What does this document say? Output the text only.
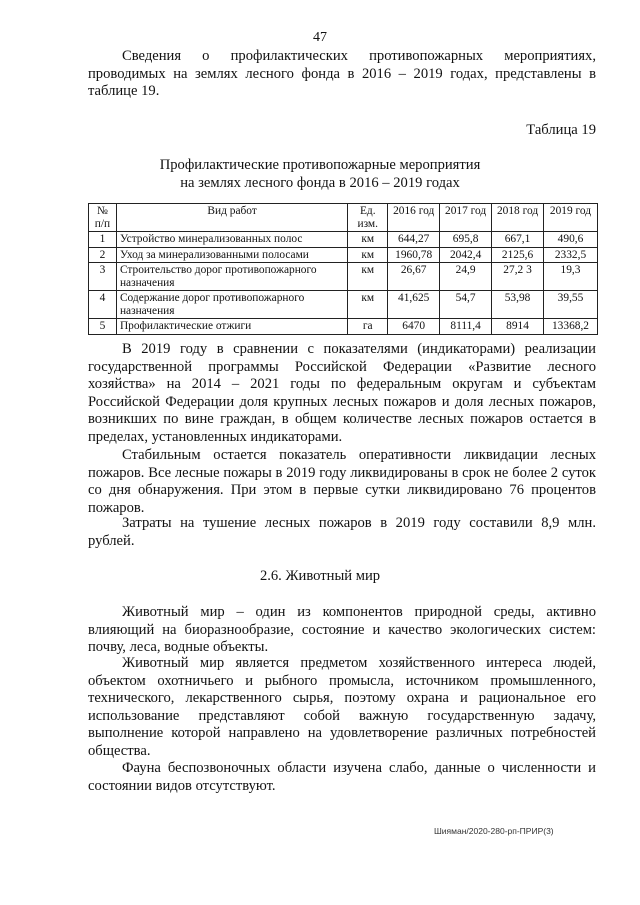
47

Сведения о профилактических противопожарных мероприятиях, проводимых на землях лесного фонда в 2016 – 2019 годах, представлены в таблице 19.

Таблица 19
Профилактические противопожарные мероприятия
на землях лесного фонда в 2016 – 2019 годах
№ п/п	Вид работ	Ед. изм.	2016 год	2017 год	2018 год	2019 год
1	Устройство минерализованных полос	км	644,27	695,8	667,1	490,6
2	Уход за минерализованными полосами	км	1960,78	2042,4	2125,6	2332,5
3	Строительство дорог противопожарного назначения	км	26,67	24,9	27,2 3	19,3
4	Содержание дорог противопожарного назначения	км	41,625	54,7	53,98	39,55
5	Профилактические отжиги	га	6470	8111,4	8914	13368,2

В 2019 году в сравнении с показателями (индикаторами) реализации государственной программы Российской Федерации «Развитие лесного хозяйства» на 2014 – 2021 годы по федеральным округам и субъектам Российской Федерации доля крупных лесных пожаров и доля лесных пожаров, возникших по вине граждан, в общем количестве лесных пожаров остается в пределах, установленных индикаторами.

Стабильным остается показатель оперативности ликвидации лесных пожаров. Все лесные пожары в 2019 году ликвидированы в срок не более 2 суток со дня обнаружения. При этом в первые сутки ликвидировано 76 процентов пожаров.

Затраты на тушение лесных пожаров в 2019 году составили 8,9 млн. рублей.

2.6. Животный мир

Животный мир – один из компонентов природной среды, активно влияющий на биоразнообразие, состояние и качество экологических систем: почву, леса, водные объекты.

Животный мир является предметом хозяйственного интереса людей, объектом охотничьего и рыбного промысла, источником промышленного, технического, лекарственного сырья, поэтому охрана и рациональное его использование представляют собой важную государственную задачу, выполнение которой направлено на удовлетворение различных потребностей общества.

Фауна беспозвоночных области изучена слабо, данные о численности и состоянии видов отсутствуют.

Шияман/2020-280-рп-ПРИР(3)
